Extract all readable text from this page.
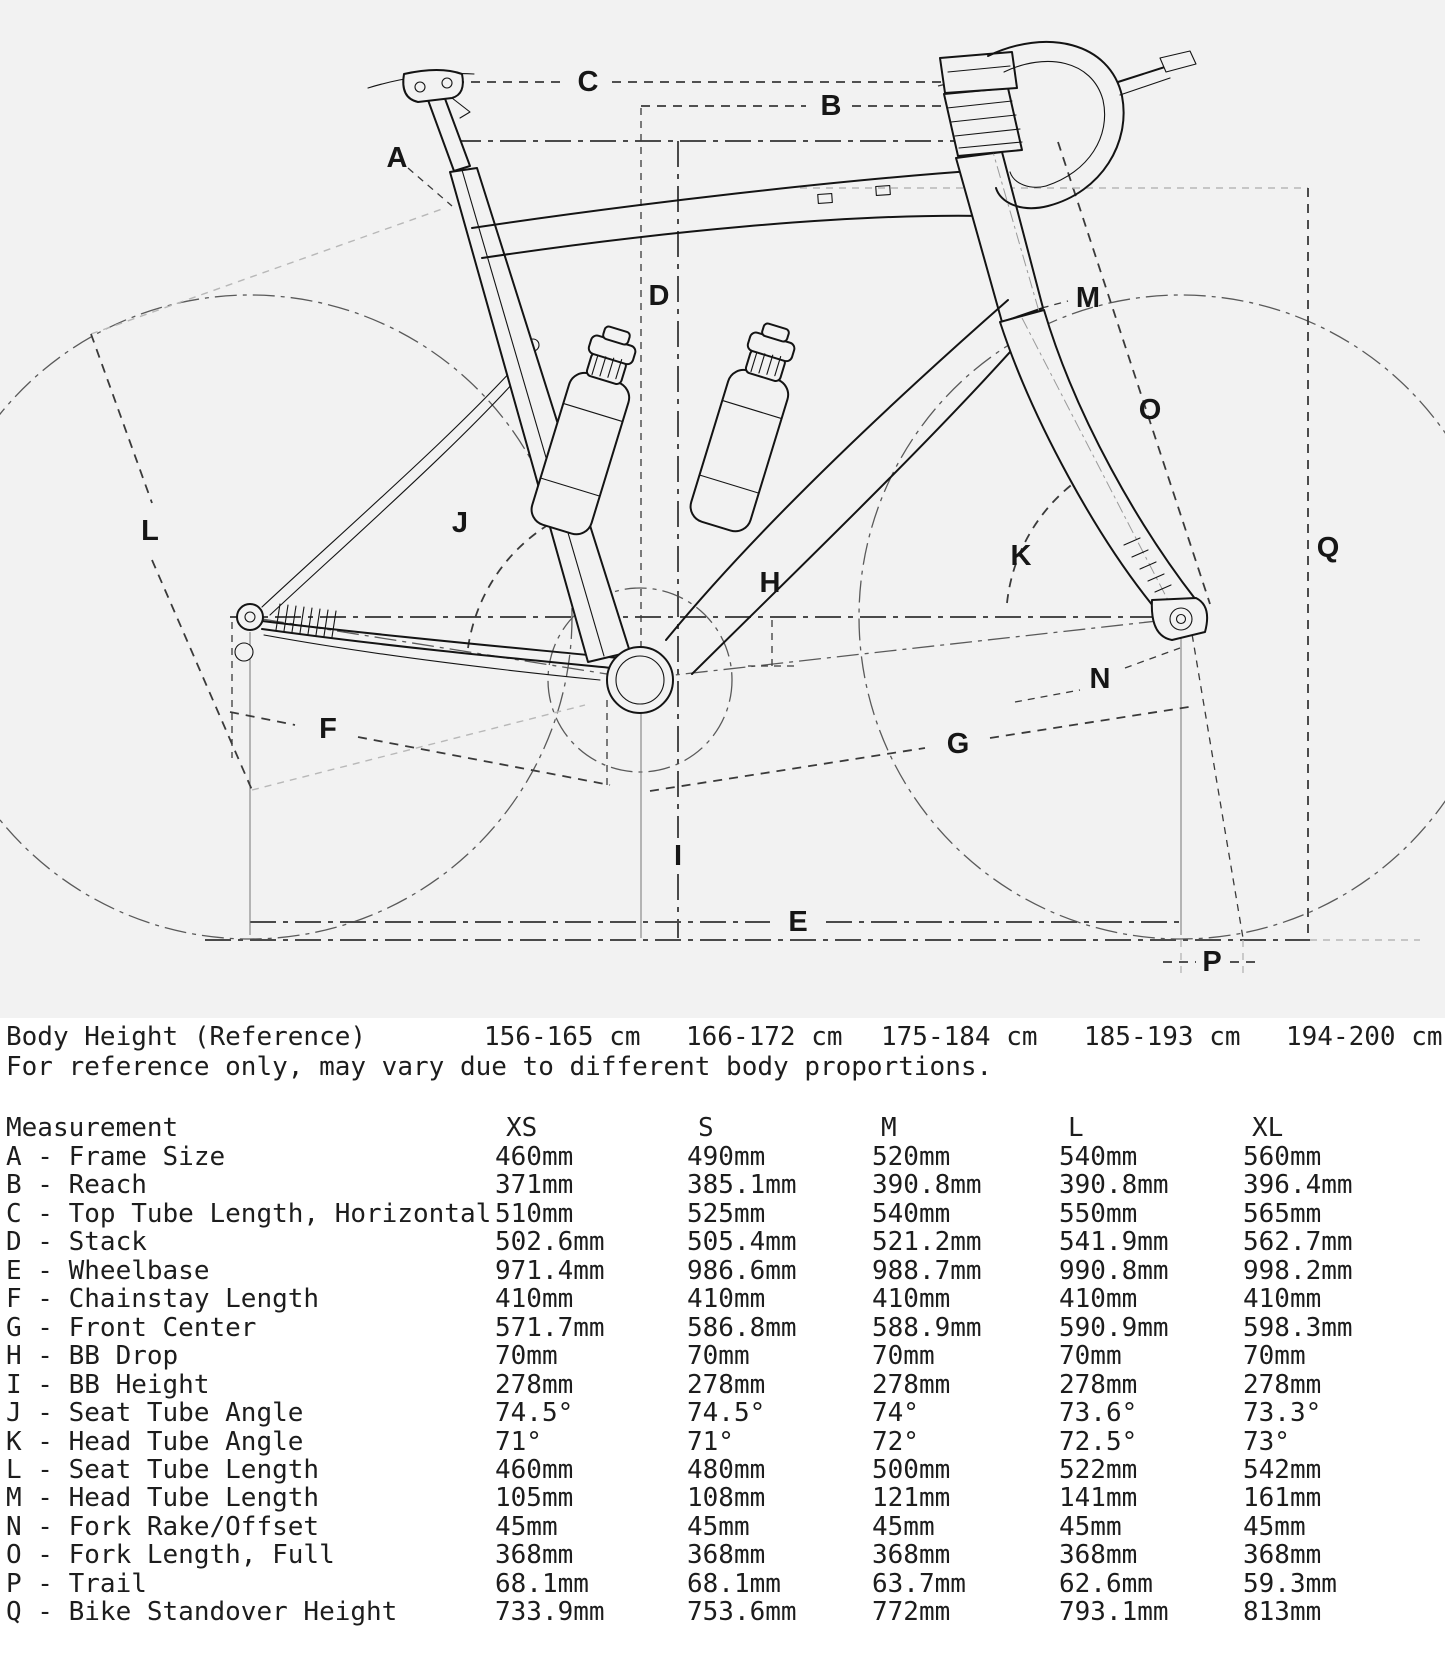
A
B
C
D
E
F	G
H
I
J
K
L
M
N
O
P
Q
Body Height (Reference)	156-165 cm 166-172 cm 175-184 cm 185-193 cm 194-200 cm
For reference only, may vary due to different body proportions.
Measurement	XS	S	M	L	XL
A - Frame Size	460mm	490mm	520mm	540mm	560mm
B - Reach	371mm	385.1mm	390.8mm	390.8mm	396.4mm
C - Top Tube Length, Horizontal 510mm	525mm	540mm	550mm	565mm
D - Stack	502.6mm	505.4mm	521.2mm	541.9mm	562.7mm
E - Wheelbase	971.4mm	986.6mm	988.7mm	990.8mm	998.2mm
F - Chainstay Length	410mm	410mm	410mm	410mm	410mm
G - Front Center	571.7mm	586.8mm	588.9mm	590.9mm	598.3mm
H - BB Drop	70mm	70mm	70mm	70mm	70mm
I - BB Height	278mm	278mm	278mm	278mm	278mm
J - Seat Tube Angle	74.5°	74.5°	74°	73.6°	73.3°
K - Head Tube Angle	71°	71°	72°	72.5°	73°
L - Seat Tube Length	460mm	480mm	500mm	522mm	542mm
M - Head Tube Length	105mm	108mm	121mm	141mm	161mm
N - Fork Rake/Offset	45mm	45mm	45mm	45mm	45mm
O - Fork Length, Full	368mm	368mm	368mm	368mm	368mm
P - Trail	68.1mm	68.1mm	63.7mm	62.6mm	59.3mm
Q - Bike Standover Height	733.9mm	753.6mm	772mm	793.1mm	813mm
